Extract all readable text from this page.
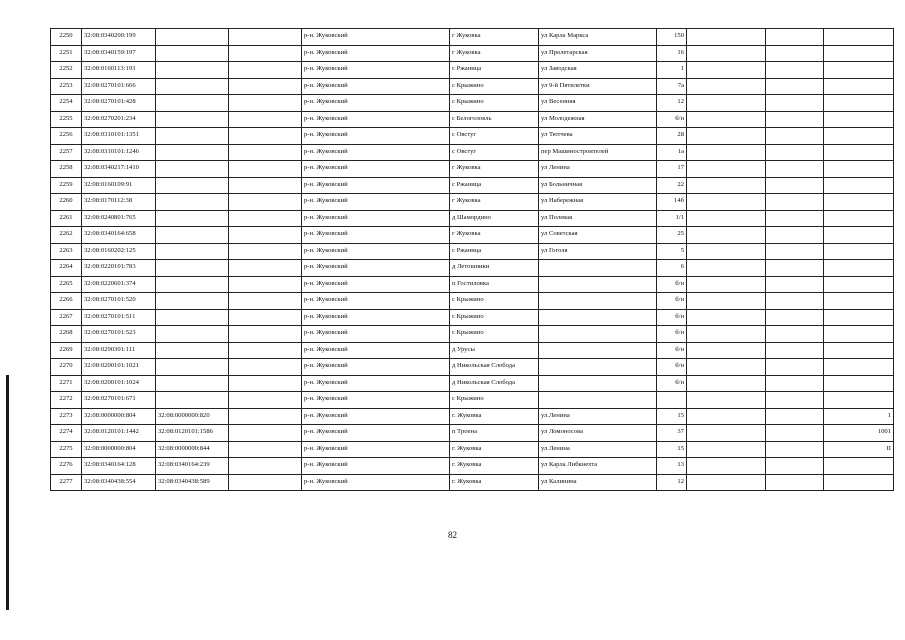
2250	32:08:0340200:199			р-н. Жуковский	г Жуковка	ул Карла Маркса	150			
2251	32:08:0340159:197			р-н. Жуковский	г Жуковка	ул Пролетарская	16			
2252	32:08:0160113:193			р-н. Жуковский	с Ржаница	ул Заводская	1			
2253	32:08:0270101:666			р-н. Жуковский	с Крыжино	ул 9-й Пятилетки	7а			
2254	32:08:0270101:428			р-н. Жуковский	с Крыжино	ул Весенняя	12			
2255	32:08:0270201:234			р-н. Жуковский	с Белоголовль	ул Молодежная	б/н			
2256	32:08:0310101:1351			р-н. Жуковский	с Овстуг	ул Тютчева	28			
2257	32:08:0310101:1246			р-н. Жуковский	с Овстуг	пер Машиностроителей	1а			
2258	32:08:0340217:1410			р-н. Жуковский	г Жуковка	ул Ленина	17			
2259	32:08:0160109:91			р-н. Жуковский	с Ржаница	ул Больничная	22			
2260	32:08:0170112:38			р-н. Жуковский	г Жуковка	ул Набережная	14б			
2261	32:08:0240801:765			р-н. Жуковский	д Шамордино	ул Полевая	1/1			
2262	32:08:0340164:658			р-н. Жуковский	г Жуковка	ул Советская	25			
2263	32:08:0160202:125			р-н. Жуковский	с Ржаница	ул Гоголя	5			
2264	32:08:0220101:783			р-н. Жуковский	д Летошники		6			
2265	32:08:0220601:374			р-н. Жуковский	п Гостиловка		б/н			
2266	32:08:0270101:520			р-н. Жуковский	с Крыжино		б/н			
2267	32:08:0270101:511			р-н. Жуковский	с Крыжино		б/н			
2268	32:08:0270101:523			р-н. Жуковский	с Крыжино		б/н			
2269	32:08:0290301:111			р-н. Жуковский	д Урусы		б/н			
2270	32:08:0200101:1021			р-н. Жуковский	д Никольская Слобода		б/н			
2271	32:08:0200101:1024			р-н. Жуковский	д Никольская Слобода		б/н			
2272	32:08:0270101:671			р-н. Жуковский	с Крыжино					
2273	32:08:0000000:804	32:08:0000000:820		р-н. Жуковский	г. Жуковка	ул.Ленина	15			1
2274	32:08:0120101:1442	32:08:0120101:1586		р-н. Жуковский	п Троена	ул Ломоносова	37			1001
2275	32:08:0000000:804	32:08:0000000:844		р-н. Жуковский	г. Жуковка	ул.Ленина	15			II
2276	32:08:0340164:128	32:08:0340164:239		р-н. Жуковский	г. Жуковка	ул Карла Либкнехта	13			
2277	32:08:0340438:554	32:08:0340438:589		р-н. Жуковский	г. Жуковка	ул Калинина	12			
82
